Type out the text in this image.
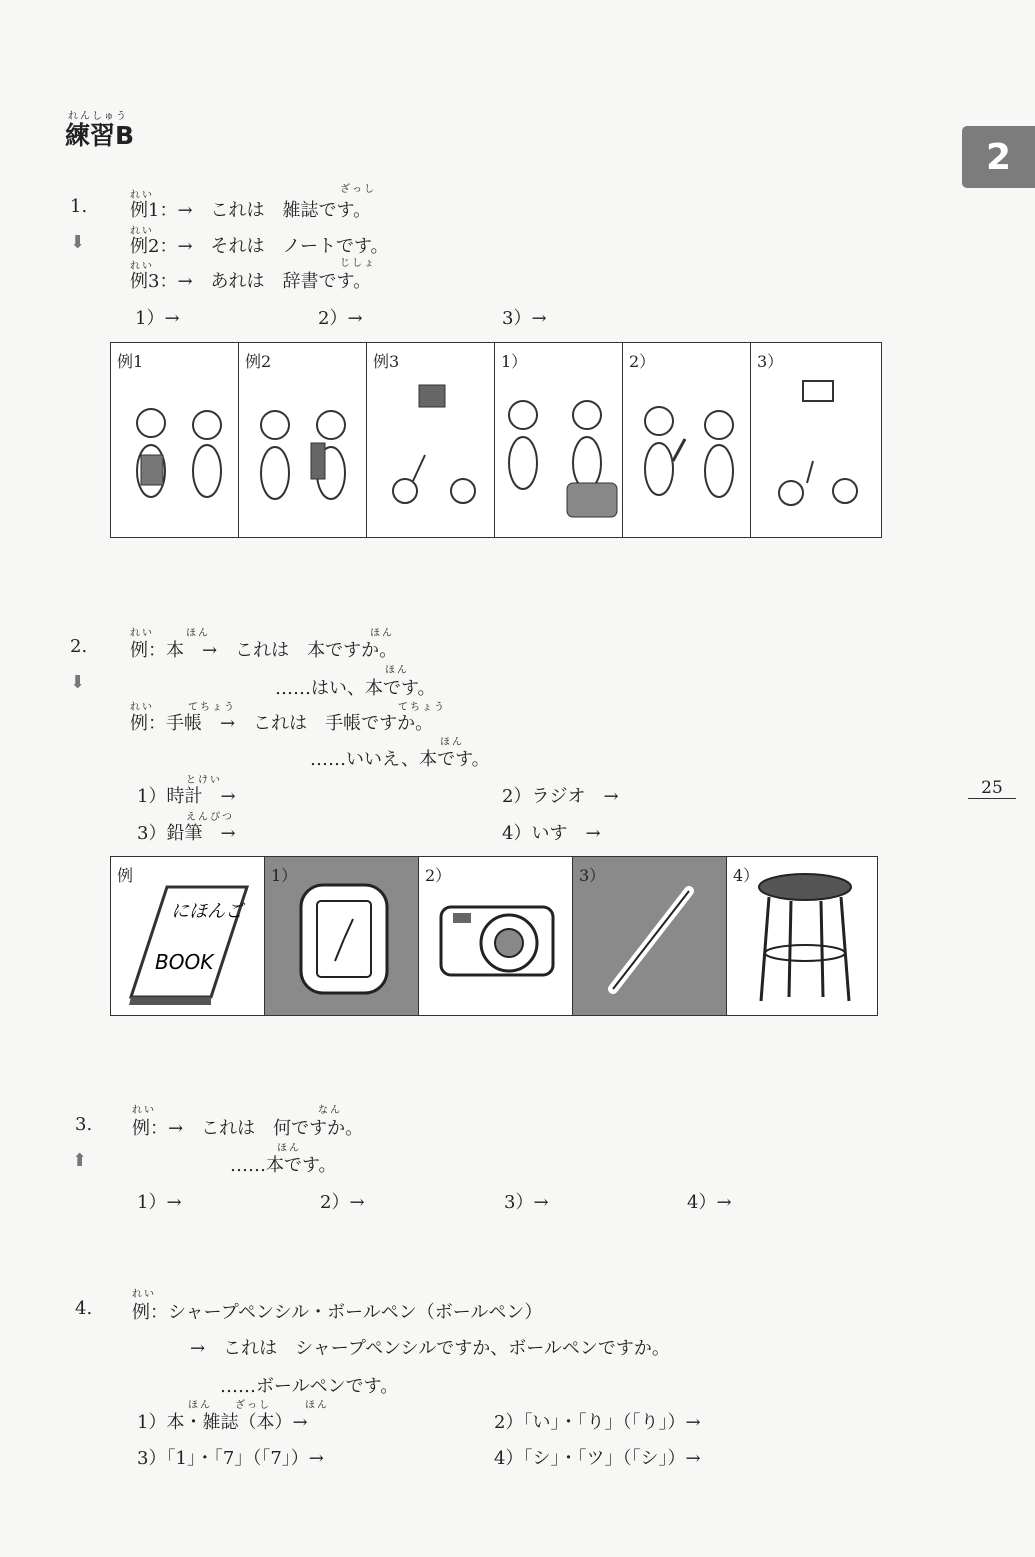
2
れんしゅう
練習B
1.
⬇
れい
ざっし
例1：→　これは　雑誌です。
れい
例2：→　それは　ノートです。
れい	じしょ
例3：→　あれは　辞書です。
1）→	2）→	3）→
例1	例2	例3	1）	2）	3）
2.
⬇
れい	ほん	ほん
例：本　→　これは　本ですか。
ほん
……はい、本です。
れい	てちょう	てちょう
例：手帳　→　これは　手帳ですか。
ほん
……いいえ、本です。
とけい
1）時計　→	2）ラジオ　→
えんぴつ
3）鉛筆　→	4）いす　→
例
にほんご
BOOK
1）	2）	3）	4）
25
3.
⬆
れい	なん
例：→　これは　何ですか。
ほん
……本です。
1）→	2）→	3）→	4）→
4.
れい
例：シャープペンシル・ボールペン（ボールペン）
→　これは　シャープペンシルですか、ボールペンですか。
……ボールペンです。
ほん ざっし	ほん
1）本・雑誌（本）→	2）「い」・「り」（「り」）→
3）「1」・「7」（「7」）→	4）「シ」・「ツ」（「シ」）→
